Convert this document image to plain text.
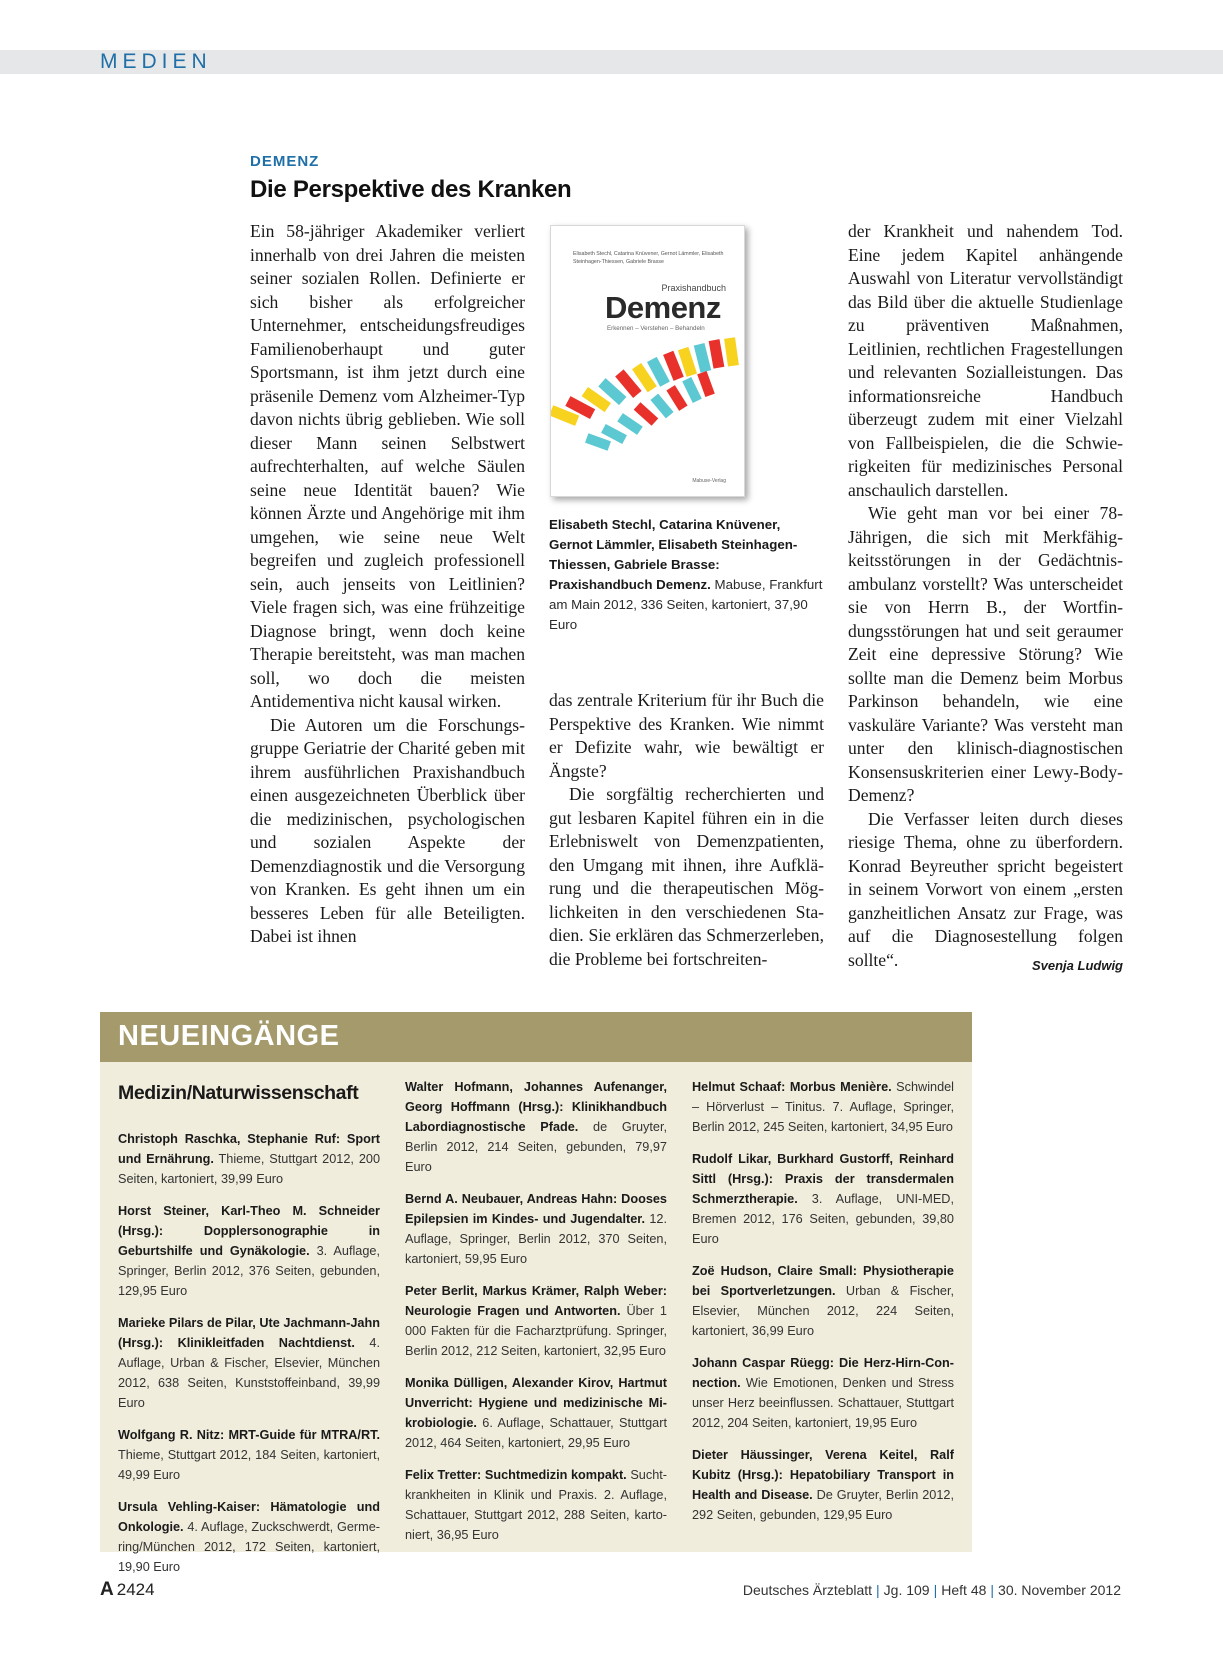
MEDIEN
DEMENZ
Die Perspektive des Kranken

Ein 58-jähriger Akademiker verliert innerhalb von drei Jahren die meisten seiner sozialen Rollen. Definierte er sich bisher als erfolgreicher Unternehmer, entscheidungsfreudiges Familienoberhaupt und guter Sportsmann, ist ihm jetzt durch eine präsenile Demenz vom Alzheimer-Typ davon nichts übrig geblieben. Wie soll dieser Mann seinen Selbstwert aufrechterhalten, auf welche Säulen seine neue Identität bauen? Wie können Ärzte und Angehörige mit ihm umgehen, wie seine neue Welt begreifen und zugleich professionell sein, auch jenseits von Leitlinien? Viele fragen sich, was eine frühzeitige Diagnose bringt, wenn doch keine Therapie bereitsteht, was man machen soll, wo doch die meisten Antidementiva nicht kausal wirken.

Die Autoren um die Forschungsgruppe Geriatrie der Charité geben mit ihrem ausführlichen Praxishandbuch einen ausgezeichneten Überblick über die medizinischen, psychologischen und sozialen Aspekte der Demenzdiagnostik und die Versorgung von Kranken. Es geht ihnen um ein besseres Leben für alle Beteiligten. Dabei ist ihnen

Elisabeth Stechl, Catarina Knüvener, Gernot Lämmler, Elisabeth Steinhagen-Thiessen, Gabriele Brasse
Praxishandbuch
Demenz
Erkennen – Verstehen – Behandeln
Mabuse-Verlag
Elisabeth Stechl, Catarina Knüvener, Gernot Lämmler, Elisabeth Steinhagen-Thiessen, Gabriele Brasse: Praxishandbuch Demenz. Mabuse, Frankfurt am Main 2012, 336 Seiten, kartoniert, 37,90 Euro

das zentrale Kriterium für ihr Buch die Perspektive des Kranken. Wie nimmt er Defizite wahr, wie bewältigt er Ängste?

Die sorgfältig recherchierten und gut lesbaren Kapitel führen ein in die Erlebniswelt von Demenzpatienten, den Umgang mit ihnen, ihre Aufklärung und die therapeutischen Möglichkeiten in den verschiedenen Stadien. Sie erklären das Schmerzerleben, die Probleme bei fortschreiten-

der Krankheit und nahendem Tod. Eine jedem Kapitel anhängende Auswahl von Literatur vervollständigt das Bild über die aktuelle Studienlage zu präventiven Maßnahmen, Leitlinien, rechtlichen Fragestellungen und relevanten Sozialleistungen. Das informationsreiche Handbuch überzeugt zudem mit einer Vielzahl von Fallbeispielen, die die Schwierigkeiten für medizinisches Personal anschaulich darstellen.

Wie geht man vor bei einer 78-Jährigen, die sich mit Merkfähigkeitsstörungen in der Gedächtnisambulanz vorstellt? Was unterscheidet sie von Herrn B., der Wortfindungsstörungen hat und seit geraumer Zeit eine depressive Störung? Wie sollte man die Demenz beim Morbus Parkinson behandeln, wie eine vaskuläre Variante? Was versteht man unter den klinisch-diagnostischen Konsensuskriterien einer Lewy-Body-Demenz?

Die Verfasser leiten durch dieses riesige Thema, ohne zu überfordern. Konrad Beyreuther spricht begeistert in seinem Vorwort von einem „ersten ganzheitlichen Ansatz zur Frage, was auf die Diagnosestellung folgen sollte“.	Svenja Ludwig

NEUEINGÄNGE
Medizin/Naturwissenschaft
Christoph Raschka, Stephanie Ruf: Sport und Ernährung. Thieme, Stuttgart 2012, 200 Seiten, kartoniert, 39,99 Euro
Horst Steiner, Karl-Theo M. Schneider (Hrsg.): Dopplersonographie in Geburtshilfe und Gynäkologie. 3. Auflage, Springer, Berlin 2012, 376 Seiten, gebunden, 129,95 Euro
Marieke Pilars de Pilar, Ute Jachmann-Jahn (Hrsg.): Klinikleitfaden Nachtdienst. 4. Auflage, Urban & Fischer, Elsevier, München 2012, 638 Seiten, Kunststoffeinband, 39,99 Euro
Wolfgang R. Nitz: MRT-Guide für MTRA/RT. Thieme, Stuttgart 2012, 184 Seiten, kartoniert, 49,99 Euro
Ursula Vehling-Kaiser: Hämatologie und Onkologie. 4. Auflage, Zuckschwerdt, Germering/München 2012, 172 Seiten, kartoniert, 19,90 Euro
Walter Hofmann, Johannes Aufenanger, Georg Hoffmann (Hrsg.): Klinikhandbuch Labordiagnostische Pfade. de Gruyter, Berlin 2012, 214 Seiten, gebunden, 79,97 Euro
Bernd A. Neubauer, Andreas Hahn: Dooses Epilepsien im Kindes- und Jugendalter. 12. Auflage, Springer, Berlin 2012, 370 Seiten, kartoniert, 59,95 Euro
Peter Berlit, Markus Krämer, Ralph Weber: Neurologie Fragen und Antworten. Über 1 000 Fakten für die Facharztprüfung. Springer, Berlin 2012, 212 Seiten, kartoniert, 32,95 Euro
Monika Dülligen, Alexander Kirov, Hartmut Unverricht: Hygiene und medizinische Mikrobiologie. 6. Auflage, Schattauer, Stuttgart 2012, 464 Seiten, kartoniert, 29,95 Euro
Felix Tretter: Suchtmedizin kompakt. Suchtkrankheiten in Klinik und Praxis. 2. Auflage, Schattauer, Stuttgart 2012, 288 Seiten, kartoniert, 36,95 Euro
Helmut Schaaf: Morbus Menière. Schwindel – Hörverlust – Tinitus. 7. Auflage, Springer, Berlin 2012, 245 Seiten, kartoniert, 34,95 Euro
Rudolf Likar, Burkhard Gustorff, Reinhard Sittl (Hrsg.): Praxis der transdermalen Schmerztherapie. 3. Auflage, UNI-MED, Bremen 2012, 176 Seiten, gebunden, 39,80 Euro
Zoë Hudson, Claire Small: Physiotherapie bei Sportverletzungen. Urban & Fischer, Elsevier, München 2012, 224 Seiten, kartoniert, 36,99 Euro
Johann Caspar Rüegg: Die Herz-Hirn-Connection. Wie Emotionen, Denken und Stress unser Herz beeinflussen. Schattauer, Stuttgart 2012, 204 Seiten, kartoniert, 19,95 Euro
Dieter Häussinger, Verena Keitel, Ralf Kubitz (Hrsg.): Hepatobiliary Transport in Health and Disease. De Gruyter, Berlin 2012, 292 Seiten, gebunden, 129,95 Euro
A 2424	Deutsches Ärzteblatt | Jg. 109 | Heft 48 | 30. November 2012
